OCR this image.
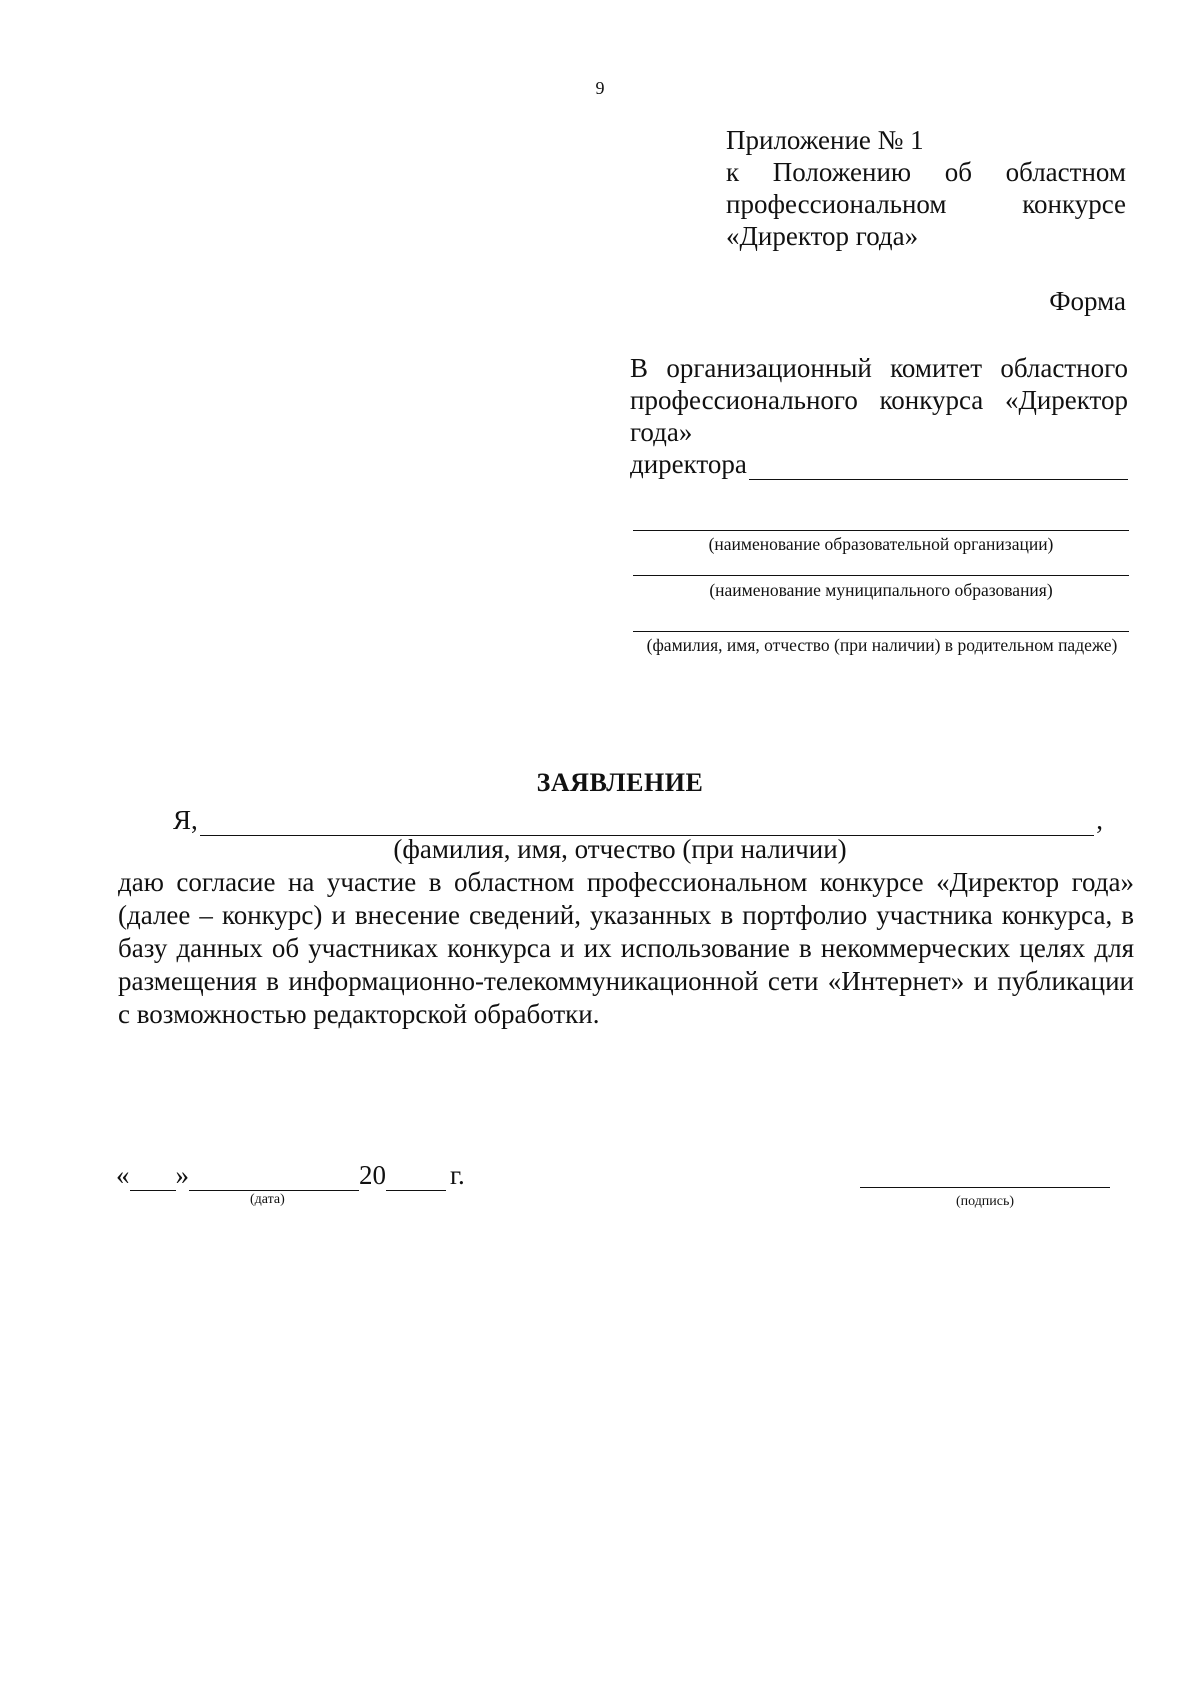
9
Приложение № 1
к Положению об областном
профессиональном	конкурсе
«Директор года»
Форма
В организационный комитет областного
профессионального конкурса «Директор
года»
директора
(наименование образовательной организации)
(наименование муниципального образования)
(фамилия, имя, отчество (при наличии) в родительном падеже)
ЗАЯВЛЕНИЕ
Я,	,
(фамилия, имя, отчество (при наличии)
даю согласие на участие в областном профессиональном конкурсе «Директор года» (далее – конкурс) и внесение сведений, указанных в портфолио участника конкурса, в базу данных об участниках конкурса и их использование в некоммерческих целях для размещения в информационно-телекоммуникационной сети «Интернет» и публикации с возможностью редакторской обработки.
« »	20 г.
(дата)	(подпись)
